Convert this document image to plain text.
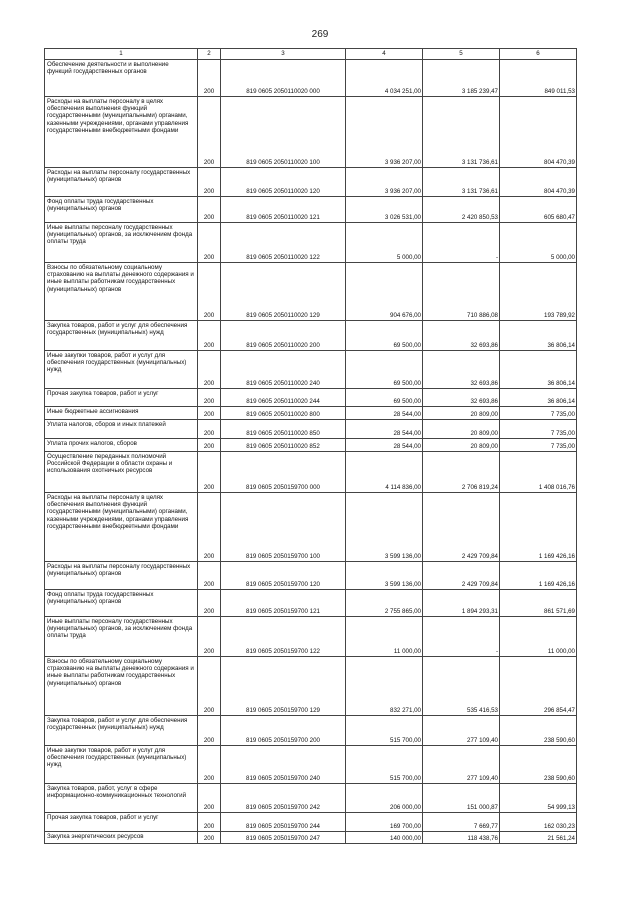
269
1	2	3	4	5	6
Обеспечение деятельности и выполнение функций государственных органов	200	819 0605 2050110020 000	4 034 251,00	3 185 239,47	849 011,53
Расходы на выплаты персоналу в целях обеспечения выполнения функций государственными (муниципальными) органами, казенными учреждениями, органами управления государственными внебюджетными фондами	200	819 0605 2050110020 100	3 936 207,00	3 131 736,61	804 470,39
Расходы на выплаты персоналу государственных (муниципальных) органов	200	819 0605 2050110020 120	3 936 207,00	3 131 736,61	804 470,39
Фонд оплаты труда государственных (муниципальных) органов	200	819 0605 2050110020 121	3 026 531,00	2 420 850,53	605 680,47
Иные выплаты персоналу государственных (муниципальных) органов, за исключением фонда оплаты труда	200	819 0605 2050110020 122	5 000,00	-	5 000,00
Взносы по обязательному социальному страхованию на выплаты денежного содержания и иные выплаты работникам государственных (муниципальных) органов	200	819 0605 2050110020 129	904 676,00	710 886,08	193 789,92
Закупка товаров, работ и услуг для обеспечения государственных (муниципальных) нужд	200	819 0605 2050110020 200	69 500,00	32 693,86	36 806,14
Иные закупки товаров, работ и услуг для обеспечения государственных (муниципальных) нужд	200	819 0605 2050110020 240	69 500,00	32 693,86	36 806,14
Прочая закупка товаров, работ и услуг	200	819 0605 2050110020 244	69 500,00	32 693,86	36 806,14
Иные бюджетные ассигнования	200	819 0605 2050110020 800	28 544,00	20 809,00	7 735,00
Уплата налогов, сборов и иных платежей	200	819 0605 2050110020 850	28 544,00	20 809,00	7 735,00
Уплата прочих налогов, сборов	200	819 0605 2050110020 852	28 544,00	20 809,00	7 735,00
Осуществление переданных полномочий Российской Федерации в области охраны и использования охотничьих ресурсов	200	819 0605 2050159700 000	4 114 836,00	2 706 819,24	1 408 016,76
Расходы на выплаты персоналу в целях обеспечения выполнения функций государственными (муниципальными) органами, казенными учреждениями, органами управления государственными внебюджетными фондами	200	819 0605 2050159700 100	3 599 136,00	2 429 709,84	1 169 426,16
Расходы на выплаты персоналу государственных (муниципальных) органов	200	819 0605 2050159700 120	3 599 136,00	2 429 709,84	1 169 426,16
Фонд оплаты труда государственных (муниципальных) органов	200	819 0605 2050159700 121	2 755 865,00	1 894 293,31	861 571,69
Иные выплаты персоналу государственных (муниципальных) органов, за исключением фонда оплаты труда	200	819 0605 2050159700 122	11 000,00	-	11 000,00
Взносы по обязательному социальному страхованию на выплаты денежного содержания и иные выплаты работникам государственных (муниципальных) органов	200	819 0605 2050159700 129	832 271,00	535 416,53	296 854,47
Закупка товаров, работ и услуг для обеспечения государственных (муниципальных) нужд	200	819 0605 2050159700 200	515 700,00	277 109,40	238 590,60
Иные закупки товаров, работ и услуг для обеспечения государственных (муниципальных) нужд	200	819 0605 2050159700 240	515 700,00	277 109,40	238 590,60
Закупка товаров, работ, услуг в сфере информационно-коммуникационных технологий	200	819 0605 2050159700 242	206 000,00	151 000,87	54 999,13
Прочая закупка товаров, работ и услуг	200	819 0605 2050159700 244	169 700,00	7 669,77	162 030,23
Закупка энергетических ресурсов	200	819 0605 2050159700 247	140 000,00	118 438,76	21 561,24
